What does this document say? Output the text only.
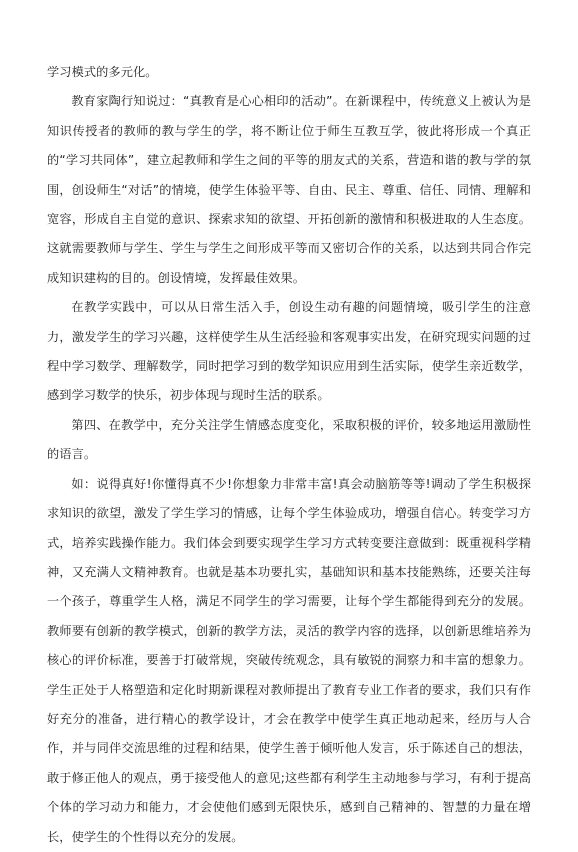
学习模式的多元化。

教育家陶行知说过：“真教育是心心相印的活动”。在新课程中，传统意义上被认为是知识传授者的教师的教与学生的学，将不断让位于师生互教互学，彼此将形成一个真正的“学习共同体”，建立起教师和学生之间的平等的朋友式的关系，营造和谐的教与学的氛围，创设师生“对话”的情境，使学生体验平等、自由、民主、尊重、信任、同情、理解和宽容，形成自主自觉的意识、探索求知的欲望、开拓创新的激情和积极进取的人生态度。这就需要教师与学生、学生与学生之间形成平等而又密切合作的关系，以达到共同合作完成知识建构的目的。创设情境，发挥最佳效果。

在教学实践中，可以从日常生活入手，创设生动有趣的问题情境，吸引学生的注意力，激发学生的学习兴趣，这样使学生从生活经验和客观事实出发，在研究现实问题的过程中学习数学、理解数学，同时把学习到的数学知识应用到生活实际，使学生亲近数学，感到学习数学的快乐，初步体现与现时生活的联系。

第四、在教学中，充分关注学生情感态度变化，采取积极的评价，较多地运用激励性的语言。

如：说得真好!你懂得真不少!你想象力非常丰富!真会动脑筋等等!调动了学生积极探求知识的欲望，激发了学生学习的情感，让每个学生体验成功，增强自信心。转变学习方式，培养实践操作能力。我们体会到要实现学生学习方式转变要注意做到：既重视科学精神，又充满人文精神教育。也就是基本功要扎实，基础知识和基本技能熟练，还要关注每一个孩子，尊重学生人格，满足不同学生的学习需要，让每个学生都能得到充分的发展。教师要有创新的教学模式，创新的教学方法，灵活的教学内容的选择，以创新思维培养为核心的评价标准，要善于打破常规，突破传统观念，具有敏锐的洞察力和丰富的想象力。学生正处于人格塑造和定化时期新课程对教师提出了教育专业工作者的要求，我们只有作好充分的准备，进行精心的教学设计，才会在教学中使学生真正地动起来，经历与人合作，并与同伴交流思维的过程和结果，使学生善于倾听他人发言，乐于陈述自己的想法，敢于修正他人的观点，勇于接受他人的意见;这些都有利学生主动地参与学习，有利于提高个体的学习动力和能力，才会使他们感到无限快乐，感到自己精神的、智慧的力量在增长，使学生的个性得以充分的发展。
